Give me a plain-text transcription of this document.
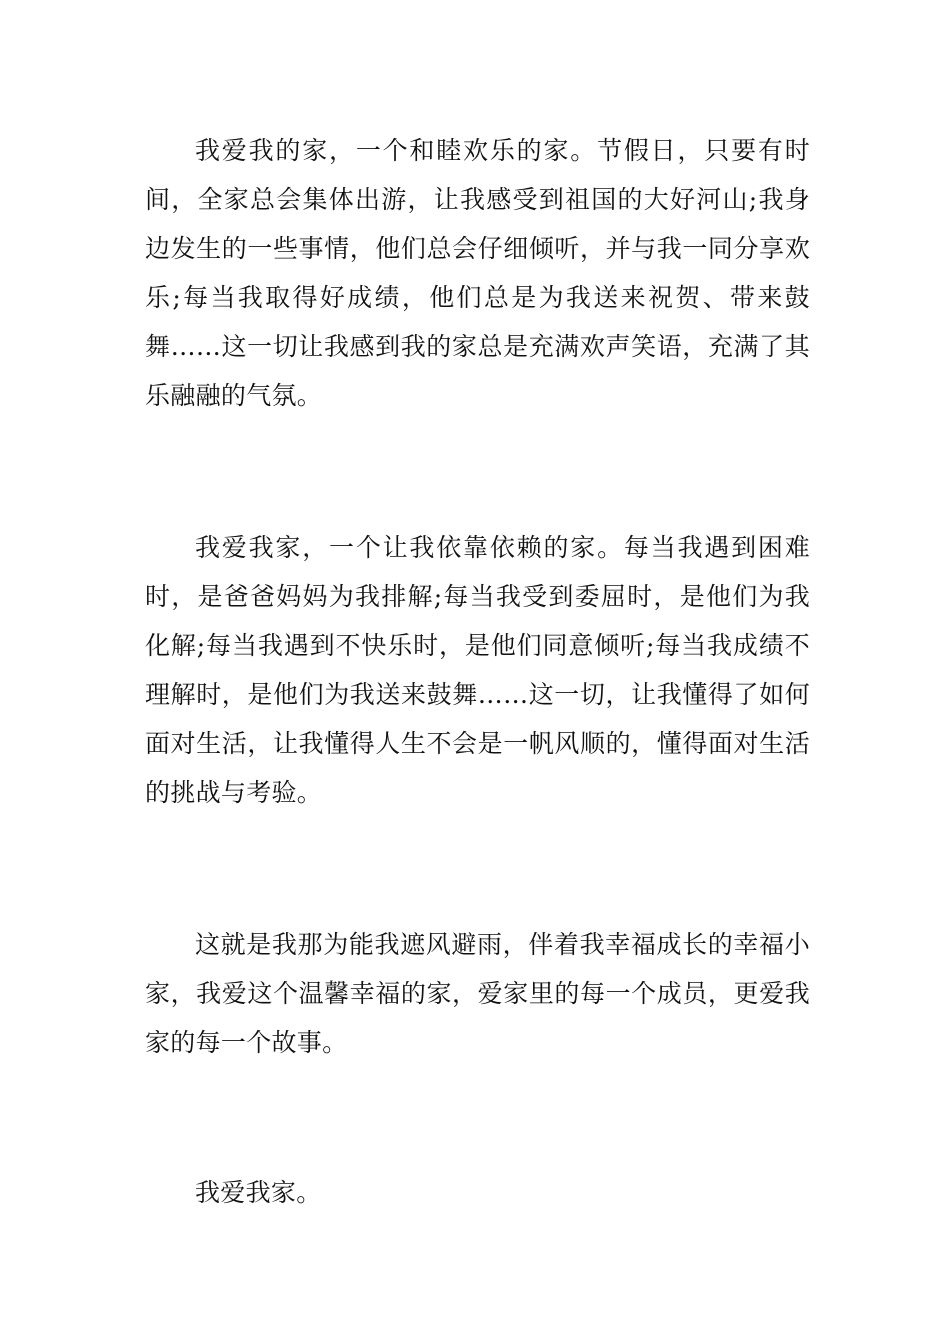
我爱我的家，一个和睦欢乐的家。节假日，只要有时间，全家总会集体出游，让我感受到祖国的大好河山;我身边发生的一些事情，他们总会仔细倾听，并与我一同分享欢乐;每当我取得好成绩，他们总是为我送来祝贺、带来鼓舞……这一切让我感到我的家总是充满欢声笑语，充满了其乐融融的气氛。

我爱我家，一个让我依靠依赖的家。每当我遇到困难时，是爸爸妈妈为我排解;每当我受到委屈时，是他们为我化解;每当我遇到不快乐时，是他们同意倾听;每当我成绩不理解时，是他们为我送来鼓舞……这一切，让我懂得了如何面对生活，让我懂得人生不会是一帆风顺的，懂得面对生活的挑战与考验。

这就是我那为能我遮风避雨，伴着我幸福成长的幸福小家，我爱这个温馨幸福的家，爱家里的每一个成员，更爱我家的每一个故事。

我爱我家。
